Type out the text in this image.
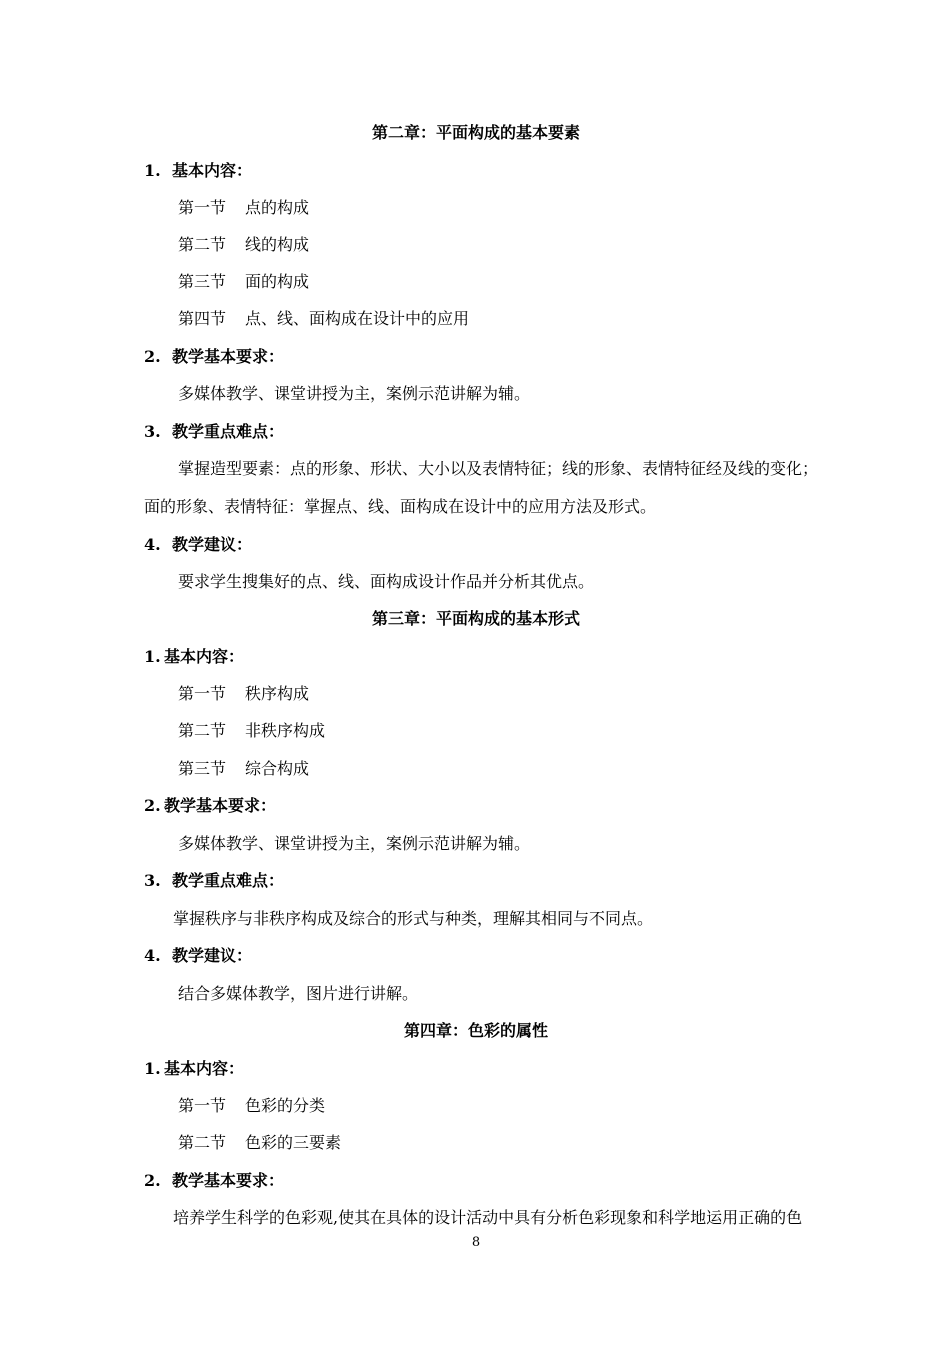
第二章：平面构成的基本要素
1. 基本内容：
第一节 点的构成
第二节 线的构成
第三节 面的构成
第四节 点、线、面构成在设计中的应用
2. 教学基本要求：
多媒体教学、课堂讲授为主，案例示范讲解为辅。
3. 教学重点难点：
掌握造型要素：点的形象、形状、大小以及表情特征；线的形象、表情特征经及线的变化；
面的形象、表情特征：掌握点、线、面构成在设计中的应用方法及形式。
4. 教学建议：
要求学生搜集好的点、线、面构成设计作品并分析其优点。
第三章：平面构成的基本形式
1. 基本内容：
第一节 秩序构成
第二节 非秩序构成
第三节 综合构成
2. 教学基本要求：
多媒体教学、课堂讲授为主，案例示范讲解为辅。
3. 教学重点难点：
掌握秩序与非秩序构成及综合的形式与种类，理解其相同与不同点。
4. 教学建议：
结合多媒体教学，图片进行讲解。
第四章：色彩的属性
1. 基本内容：
第一节 色彩的分类
第二节 色彩的三要素
2. 教学基本要求：
培养学生科学的色彩观,使其在具体的设计活动中具有分析色彩现象和科学地运用正确的色
8
